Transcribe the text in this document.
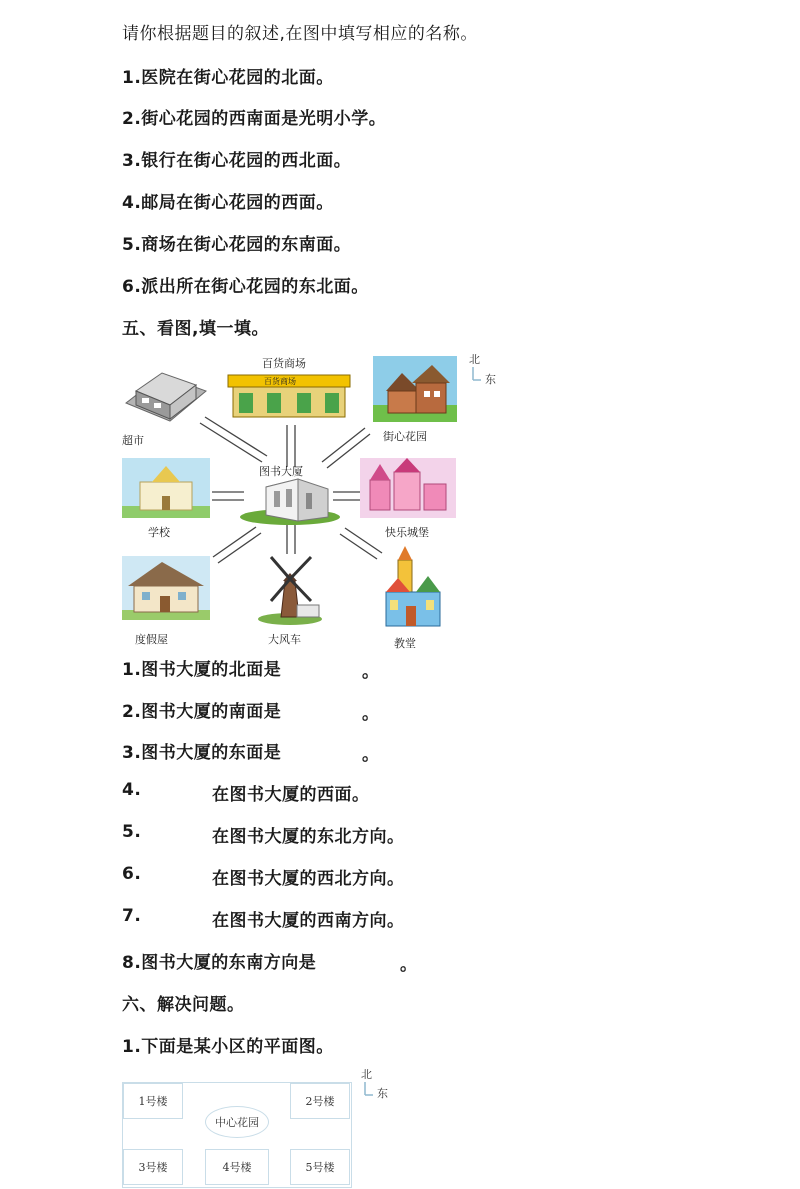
请你根据题目的叙述,在图中填写相应的名称。
1.医院在街心花园的北面。
2.街心花园的西南面是光明小学。
3.银行在街心花园的西北面。
4.邮局在街心花园的西面。
5.商场在街心花园的东南面。
6.派出所在街心花园的东北面。
五、看图,填一填。
北
东
超市
百货商场
百货商场
街心花园
学校
图书大厦
快乐城堡
度假屋	大风车	教堂
1.图书大厦的北面是	。
2.图书大厦的南面是	。
3.图书大厦的东面是	。
4.	在图书大厦的西面。
5.	在图书大厦的东北方向。
6.	在图书大厦的西北方向。
7.	在图书大厦的西南方向。
8.图书大厦的东南方向是	。
六、解决问题。
1.下面是某小区的平面图。
1号楼	2号楼
中心花园
3号楼	4号楼	5号楼
北
东
